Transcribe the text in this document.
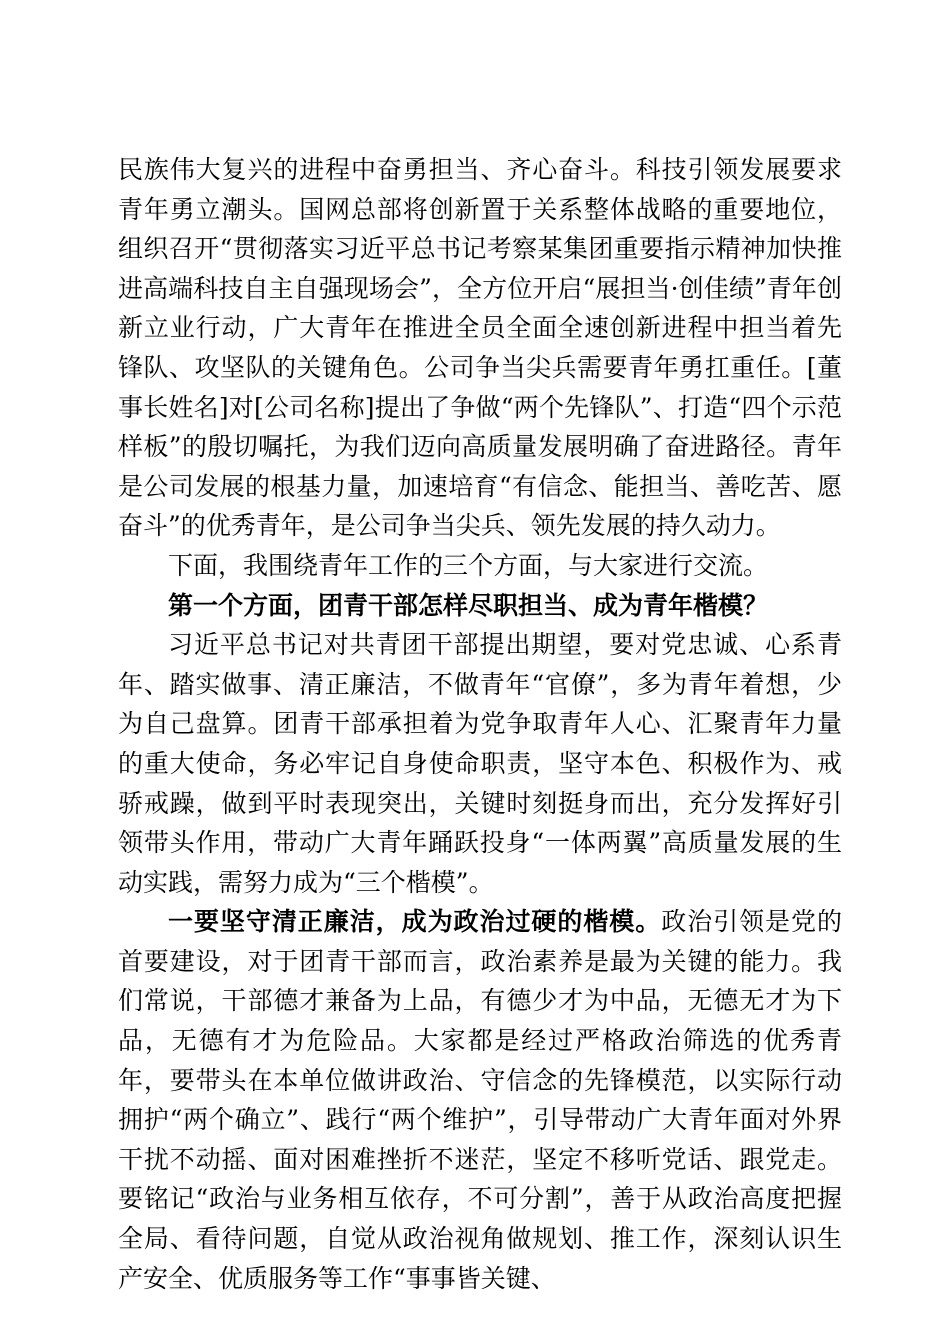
民族伟大复兴的进程中奋勇担当、齐心奋斗。科技引领发展要求青年勇立潮头。国网总部将创新置于关系整体战略的重要地位，组织召开“贯彻落实习近平总书记考察某集团重要指示精神加快推进高端科技自主自强现场会”，全方位开启“展担当·创佳绩”青年创新立业行动，广大青年在推进全员全面全速创新进程中担当着先锋队、攻坚队的关键角色。公司争当尖兵需要青年勇扛重任。[董事长姓名]对[公司名称]提出了争做“两个先锋队”、打造“四个示范样板”的殷切嘱托，为我们迈向高质量发展明确了奋进路径。青年是公司发展的根基力量，加速培育“有信念、能担当、善吃苦、愿奋斗”的优秀青年，是公司争当尖兵、领先发展的持久动力。

下面，我围绕青年工作的三个方面，与大家进行交流。

第一个方面，团青干部怎样尽职担当、成为青年楷模？

习近平总书记对共青团干部提出期望，要对党忠诚、心系青年、踏实做事、清正廉洁，不做青年“官僚”，多为青年着想，少为自己盘算。团青干部承担着为党争取青年人心、汇聚青年力量的重大使命，务必牢记自身使命职责，坚守本色、积极作为、戒骄戒躁，做到平时表现突出，关键时刻挺身而出，充分发挥好引领带头作用，带动广大青年踊跃投身“一体两翼”高质量发展的生动实践，需努力成为“三个楷模”。

一要坚守清正廉洁，成为政治过硬的楷模。政治引领是党的首要建设，对于团青干部而言，政治素养是最为关键的能力。我们常说，干部德才兼备为上品，有德少才为中品，无德无才为下品，无德有才为危险品。大家都是经过严格政治筛选的优秀青年，要带头在本单位做讲政治、守信念的先锋模范，以实际行动拥护“两个确立”、践行“两个维护”，引导带动广大青年面对外界干扰不动摇、面对困难挫折不迷茫，坚定不移听党话、跟党走。要铭记“政治与业务相互依存，不可分割”，善于从政治高度把握全局、看待问题，自觉从政治视角做规划、推工作，深刻认识生产安全、优质服务等工作“事事皆关键、
